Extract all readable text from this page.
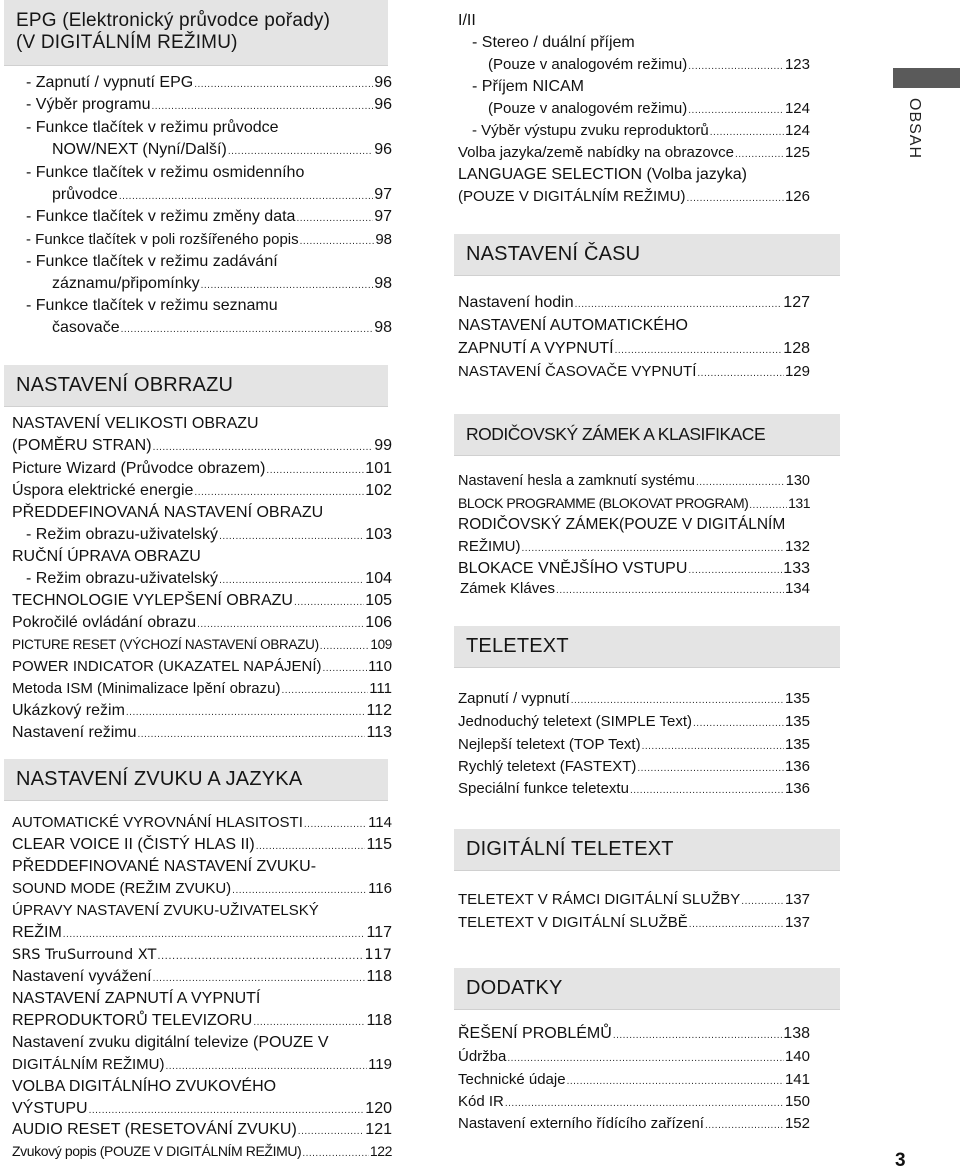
EPG (Elektronický průvodce pořady)
(V DIGITÁLNÍM REŽIMU)
- Zapnutí / vypnutí EPG .....	96
- Výběr programu .....	96
- Funkce tlačítek v režimu průvodce
NOW/NEXT (Nyní/Další) .....	96
- Funkce tlačítek v režimu osmidenního
průvodce .....	97
- Funkce tlačítek v režimu změny data .....	97
- Funkce tlačítek v poli rozšířeného popis .....	98
- Funkce tlačítek v režimu zadávání
záznamu/připomínky .....	98
- Funkce tlačítek v režimu seznamu
časovače .....	98
NASTAVENÍ OBRRAZU
NASTAVENÍ VELIKOSTI OBRAZU
(POMĚRU STRAN) .....	99
Picture Wizard (Průvodce obrazem) .....	101
Úspora elektrické energie .....	102
PŘEDDEFINOVANÁ NASTAVENÍ OBRAZU
- Režim obrazu-uživatelský .....	103
RUČNÍ ÚPRAVA OBRAZU
- Režim obrazu-uživatelský .....	104
TECHNOLOGIE VYLEPŠENÍ OBRAZU .....	105
Pokročilé ovládání obrazu .....	106
PICTURE RESET (VÝCHOZÍ NASTAVENÍ OBRAZU) .....	109
POWER INDICATOR (UKAZATEL NAPÁJENÍ) .....	110
Metoda ISM (Minimalizace lpění obrazu) .....	111
Ukázkový režim .....	112
Nastavení režimu .....	113
NASTAVENÍ ZVUKU A JAZYKA
AUTOMATICKÉ VYROVNÁNÍ HLASITOSTI .....	114
CLEAR VOICE II (ČISTÝ HLAS II) .....	115
PŘEDDEFINOVANÉ NASTAVENÍ ZVUKU-
SOUND MODE (REŽIM ZVUKU) .....	116
ÚPRAVY NASTAVENÍ ZVUKU-UŽIVATELSKÝ
REŽIM .....	117
SRS TruSurround XT .....	117
Nastavení vyvážení .....	118
NASTAVENÍ ZAPNUTÍ A VYPNUTÍ
REPRODUKTORŮ TELEVIZORU .....	118
Nastavení zvuku digitální televize (POUZE V
DIGITÁLNÍM REŽIMU) .....	119
VOLBA DIGITÁLNÍHO ZVUKOVÉHO
VÝSTUPU .....	120
AUDIO RESET (RESETOVÁNÍ ZVUKU) .....	121
Zvukový popis (POUZE V DIGITÁLNÍM REŽIMU) .....	122
I/II
- Stereo / duální příjem
(Pouze v analogovém režimu) .....	123
- Příjem NICAM
(Pouze v analogovém režimu) .....	124
- Výběr výstupu zvuku reproduktorů .....	124
Volba jazyka/země nabídky na obrazovce .....	125
LANGUAGE SELECTION (Volba jazyka)
(POUZE V DIGITÁLNÍM REŽIMU) .....	126
NASTAVENÍ ČASU
Nastavení hodin .....	127
NASTAVENÍ AUTOMATICKÉHO
ZAPNUTÍ A VYPNUTÍ .....	128
NASTAVENÍ ČASOVAČE VYPNUTÍ .....	129
RODIČOVSKÝ ZÁMEK A KLASIFIKACE
Nastavení hesla a zamknutí systému .....	130
BLOCK PROGRAMME (BLOKOVAT PROGRAM) .....	131
RODIČOVSKÝ ZÁMEK(POUZE V DIGITÁLNÍM
REŽIMU) .....	132
BLOKACE VNĚJŠÍHO VSTUPU .....	133
Zámek Kláves .....	134
TELETEXT
Zapnutí / vypnutí .....	135
Jednoduchý teletext (SIMPLE Text) .....	135
Nejlepší teletext (TOP Text) .....	135
Rychlý teletext (FASTEXT) .....	136
Speciální funkce teletextu .....	136
DIGITÁLNÍ TELETEXT
TELETEXT V RÁMCI DIGITÁLNÍ SLUŽBY .....	137
TELETEXT V DIGITÁLNÍ SLUŽBĚ .....	137
DODATKY
ŘEŠENÍ PROBLÉMŮ .....	138
Údržba .....	140
Technické údaje .....	141
Kód IR .....	150
Nastavení externího řídícího zařízení .....	152
OBSAH
3
